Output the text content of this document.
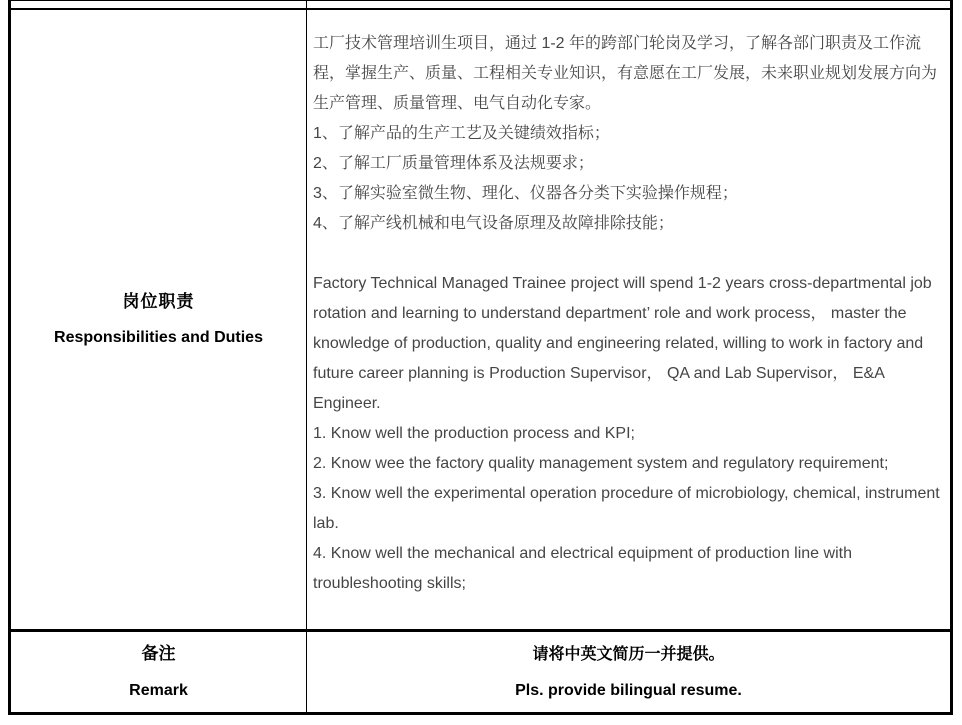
岗位职责
Responsibilities and Duties

工厂技术管理培训生项目，通过 1-2 年的跨部门轮岗及学习，了解各部门职责及工作流程，掌握生产、质量、工程相关专业知识，有意愿在工厂发展，未来职业规划发展方向为生产管理、质量管理、电气自动化专家。

1、了解产品的生产工艺及关键绩效指标；

2、了解工厂质量管理体系及法规要求；

3、了解实验室微生物、理化、仪器各分类下实验操作规程；

4、了解产线机械和电气设备原理及故障排除技能；

Factory Technical Managed Trainee project will spend 1-2 years cross-departmental job rotation and learning to understand department’ role and work process， master the knowledge of production, quality and engineering related, willing to work in factory and future career planning is Production Supervisor， QA and Lab Supervisor， E&A Engineer.

1. Know well the production process and KPI;

2. Know wee the factory quality management system and regulatory requirement;

3. Know well the experimental operation procedure of microbiology, chemical, instrument lab.

4. Know well the mechanical and electrical equipment of production line with troubleshooting skills;

备注
Remark
请将中英文简历一并提供。
Pls. provide bilingual resume.
